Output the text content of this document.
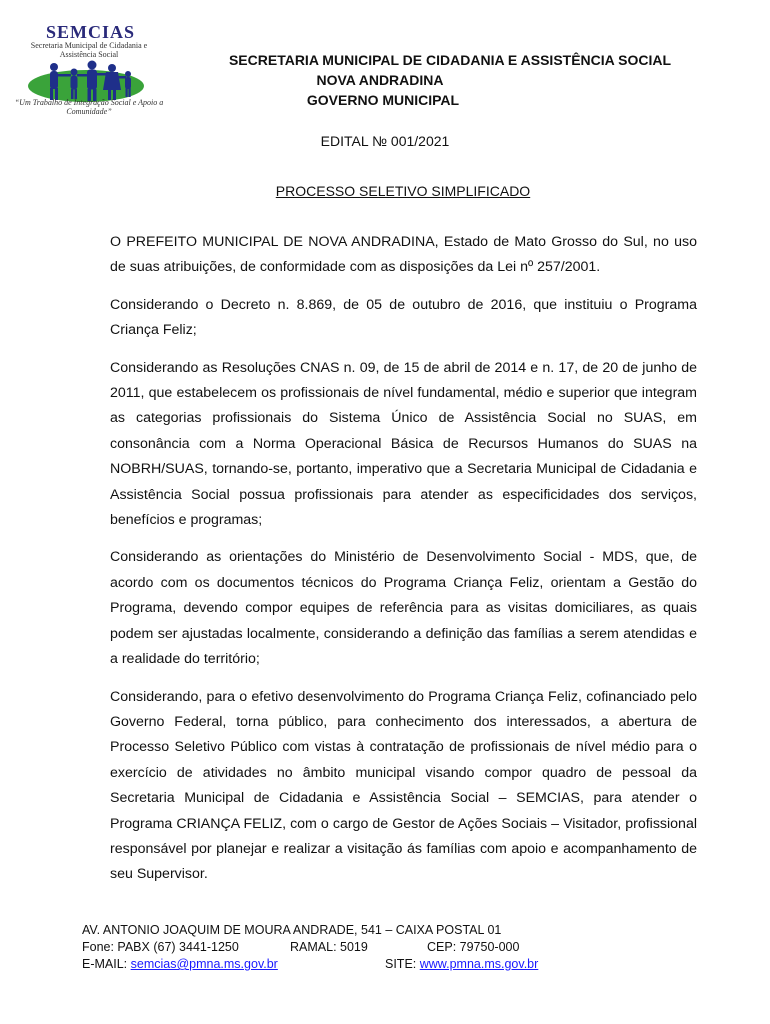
SEMCIAS
Secretaria Municipal de Cidadania e Assistência Social
“Um Trabalho de Integração Social e Apoio a Comunidade”
SECRETARIA MUNICIPAL DE CIDADANIA E ASSISTÊNCIA SOCIAL
NOVA ANDRADINA
GOVERNO MUNICIPAL
EDITAL № 001/2021
PROCESSO SELETIVO SIMPLIFICADO

O PREFEITO MUNICIPAL DE NOVA ANDRADINA, Estado de Mato Grosso do Sul, no uso de suas atribuições, de conformidade com as disposições da Lei nº 257/2001.

Considerando o Decreto n. 8.869, de 05 de outubro de 2016, que instituiu o Programa Criança Feliz;

Considerando as Resoluções CNAS n. 09, de 15 de abril de 2014 e n. 17, de 20 de junho de 2011, que estabelecem os profissionais de nível fundamental, médio e superior que integram as categorias profissionais do Sistema Único de Assistência Social no SUAS, em consonância com a Norma Operacional Básica de Recursos Humanos do SUAS na NOBRH/SUAS, tornando-se, portanto, imperativo que a Secretaria Municipal de Cidadania e Assistência Social possua profissionais para atender as especificidades dos serviços, benefícios e programas;

Considerando as orientações do Ministério de Desenvolvimento Social - MDS, que, de acordo com os documentos técnicos do Programa Criança Feliz, orientam a Gestão do Programa, devendo compor equipes de referência para as visitas domiciliares, as quais podem ser ajustadas localmente, considerando a definição das famílias a serem atendidas e a realidade do território;

Considerando, para o efetivo desenvolvimento do Programa Criança Feliz, cofinanciado pelo Governo Federal, torna público, para conhecimento dos interessados, a abertura de Processo Seletivo Público com vistas à contratação de profissionais de nível médio para o exercício de atividades no âmbito municipal visando compor quadro de pessoal da Secretaria Municipal de Cidadania e Assistência Social – SEMCIAS, para atender o Programa CRIANÇA FELIZ, com o cargo de Gestor de Ações Sociais – Visitador, profissional responsável por planejar e realizar a visitação ás famílias com apoio e acompanhamento de seu Supervisor.

AV. ANTONIO JOAQUIM DE MOURA ANDRADE, 541 – CAIXA POSTAL 01
Fone: PABX (67) 3441-1250	RAMAL: 5019	CEP: 79750-000
E-MAIL: semcias@pmna.ms.gov.br	SITE: www.pmna.ms.gov.br
